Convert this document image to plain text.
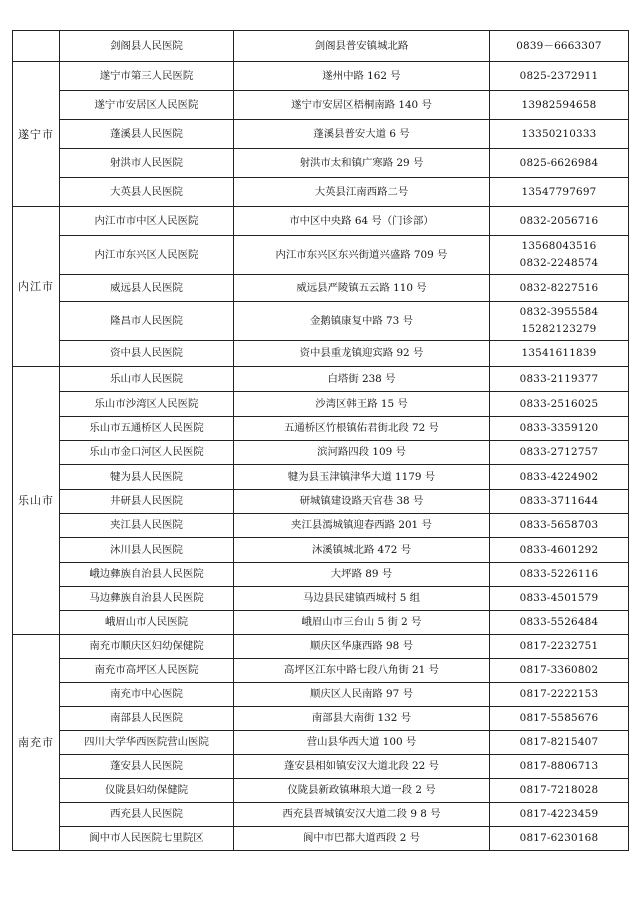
	剑阁县人民医院	剑阁县普安镇城北路	0839－6663307

遂宁市	遂宁市第三人民医院	遂州中路 162 号	0825-2372911

	遂宁市安居区人民医院	遂宁市安居区梧桐南路 140 号	13982594658

	蓬溪县人民医院	蓬溪县普安大道 6 号	13350210333

	射洪市人民医院	射洪市太和镇广寒路 29 号	0825-6626984

	大英县人民医院	大英县江南西路二号	13547797697

内江市	内江市市中区人民医院	市中区中央路 64 号（门诊部）	0832-2056716

	内江市东兴区人民医院	内江市东兴区东兴街道兴盛路 709 号	13568043516
0832-2248574

	威远县人民医院	威远县严陵镇五云路 110 号	0832-8227516

	隆昌市人民医院	金鹅镇康复中路 73 号	0832-3955584
15282123279

	资中县人民医院	资中县重龙镇迎宾路 92 号	13541611839

乐山市	乐山市人民医院	白塔街 238 号	0833-2119377

	乐山市沙湾区人民医院	沙湾区韩王路 15 号	0833-2516025

	乐山市五通桥区人民医院	五通桥区竹根镇佑君街北段 72 号	0833-3359120

	乐山市金口河区人民医院	滨河路四段 109 号	0833-2712757

	犍为县人民医院	犍为县玉津镇津华大道 1179 号	0833-4224902

	井研县人民医院	研城镇建设路天官巷 38 号	0833-3711644

	夹江县人民医院	夹江县漹城镇迎春西路 201 号	0833-5658703

	沐川县人民医院	沐溪镇城北路 472 号	0833-4601292

	峨边彝族自治县人民医院	大坪路 89 号	0833-5226116

	马边彝族自治县人民医院	马边县民建镇西城村 5 组	0833-4501579

	峨眉山市人民医院	峨眉山市三台山 5 街 2 号	0833-5526484

南充市	南充市顺庆区妇幼保健院	顺庆区华康西路 98 号	0817-2232751

	南充市高坪区人民医院	高坪区江东中路七段八角街 21 号	0817-3360802

	南充市中心医院	顺庆区人民南路 97 号	0817-2222153

	南部县人民医院	南部县大南街 132 号	0817-5585676

	四川大学华西医院营山医院	营山县华西大道 100 号	0817-8215407

	蓬安县人民医院	蓬安县相如镇安汉大道北段 22 号	0817-8806713

	仪陇县妇幼保健院	仪陇县新政镇琳琅大道一段 2 号	0817-7218028

	西充县人民医院	西充县晋城镇安汉大道二段 9 8 号	0817-4223459

	阆中市人民医院七里院区	阆中市巴都大道西段 2 号	0817-6230168
